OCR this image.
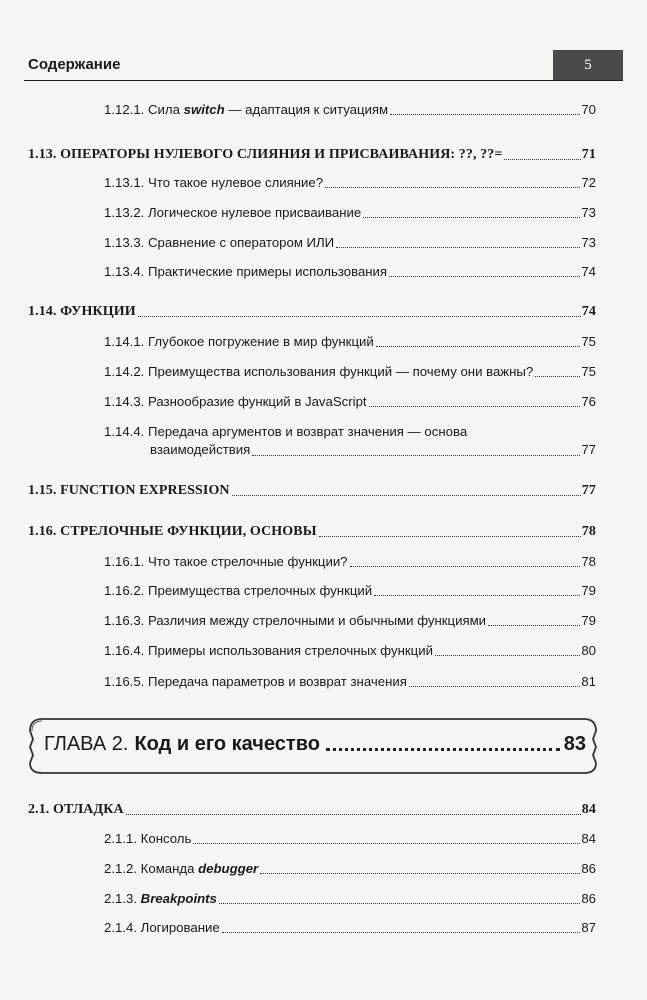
Содержание	5
1.12.1. Сила switch — адаптация к ситуациям	70
1.13. ОПЕРАТОРЫ НУЛЕВОГО СЛИЯНИЯ И ПРИСВАИВАНИЯ: ??, ??=	71
1.13.1. Что такое нулевое слияние?	72
1.13.2. Логическое нулевое присваивание	73
1.13.3. Сравнение с оператором ИЛИ	73
1.13.4. Практические примеры использования	74
1.14. ФУНКЦИИ	74
1.14.1. Глубокое погружение в мир функций	75
1.14.2. Преимущества использования функций — почему они важны?	75
1.14.3. Разнообразие функций в JavaScript	76
1.14.4. Передача аргументов и возврат значения — основа
взаимодействия	77
1.15. FUNCTION EXPRESSION	77
1.16. СТРЕЛОЧНЫЕ ФУНКЦИИ, ОСНОВЫ	78
1.16.1. Что такое стрелочные функции?	78
1.16.2. Преимущества стрелочных функций	79
1.16.3. Различия между стрелочными и обычными функциями	79
1.16.4. Примеры использования стрелочных функций	80
1.16.5. Передача параметров и возврат значения	81
ГЛАВА 2. Код и его качество	83
2.1. ОТЛАДКА	84
2.1.1. Консоль	84
2.1.2. Команда debugger	86
2.1.3. Breakpoints	86
2.1.4. Логирование	87
